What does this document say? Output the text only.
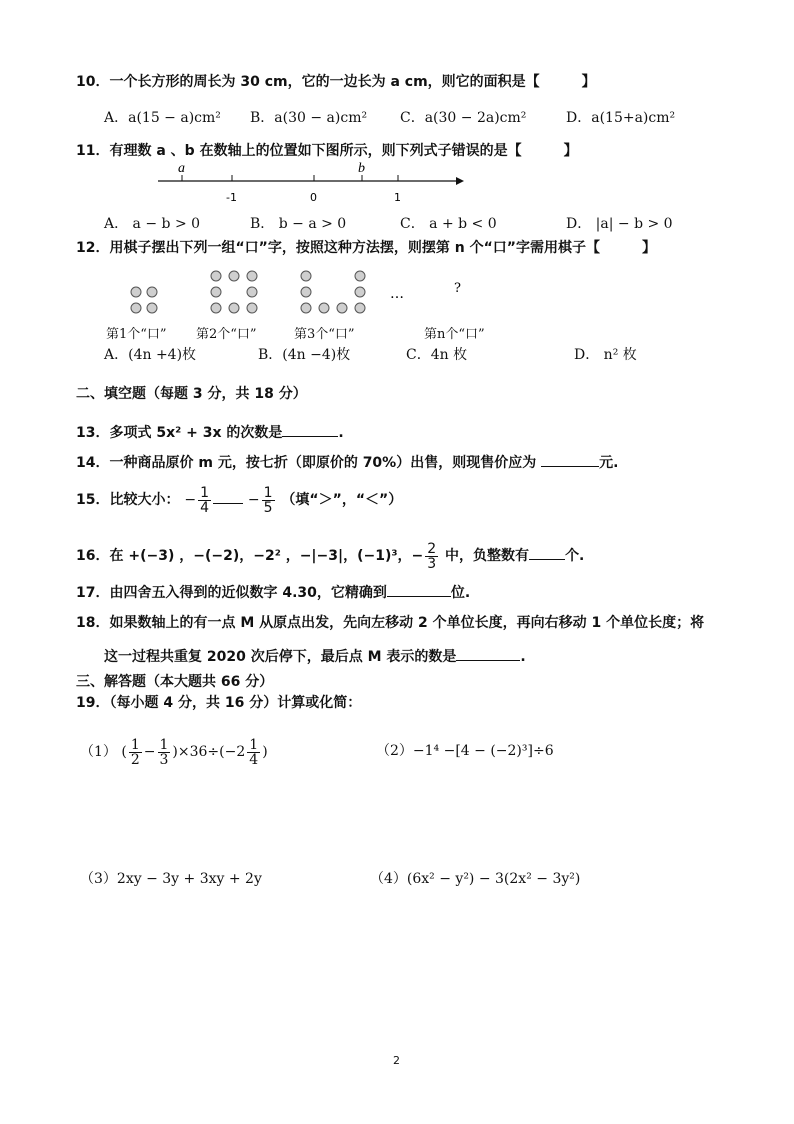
10．一个长方形的周长为 30 cm，它的一边长为 a cm，则它的面积是【　　　】
A．a(15 − a)cm² B．a(30 − a)cm² C．a(30 − 2a)cm²	D．a(15+a)cm²
11．有理数 a 、b 在数轴上的位置如下图所示，则下列式子错误的是【　　　】
a	b
-1	0	1
A． a − b > 0	B． b − a > 0	C． a + b < 0	D． |a| − b > 0
12．用棋子摆出下列一组“口”字，按照这种方法摆，则摆第 n 个“口”字需用棋子【　　　】
…	?
第1个“口” 第2个“口”	第3个“口”	第n个“口”
A．(4n +4)枚	B．(4n −4)枚	C．4n 枚	D． n² 枚
二、填空题（每题 3 分，共 18 分）
13．多项式 5x² + 3x 的次数是	.
14．一种商品原价 m 元，按七折（即原价的 70%）出售，则现售价应为	元.
15．比较大小： − $\frac{1}{4}$	− $\frac{1}{5}$ （填“＞”，“＜”）
16．在 +(−3) ，−(−2)，−2² ，−|−3|，(−1)³，− $\frac{2}{3}$ 中，负整数有	个.
17．由四舍五入得到的近似数字 4.30，它精确到	位.
18．如果数轴上的有一点 M 从原点出发，先向左移动 2 个单位长度，再向右移动 1 个单位长度；将
这一过程共重复 2020 次后停下，最后点 M 表示的数是	.
三、解答题（本大题共 66 分）
19．（每小题 4 分，共 16 分）计算或化简：
（1） ( $\frac{1}{2} - \frac{1}{3} )\times 36\div(-2 \frac{1}{4}$ )	（2）−1⁴ −[4 − (−2)³]÷6
（3）2xy − 3y + 3xy + 2y	（4）(6x² − y²) − 3(2x² − 3y²)
2
